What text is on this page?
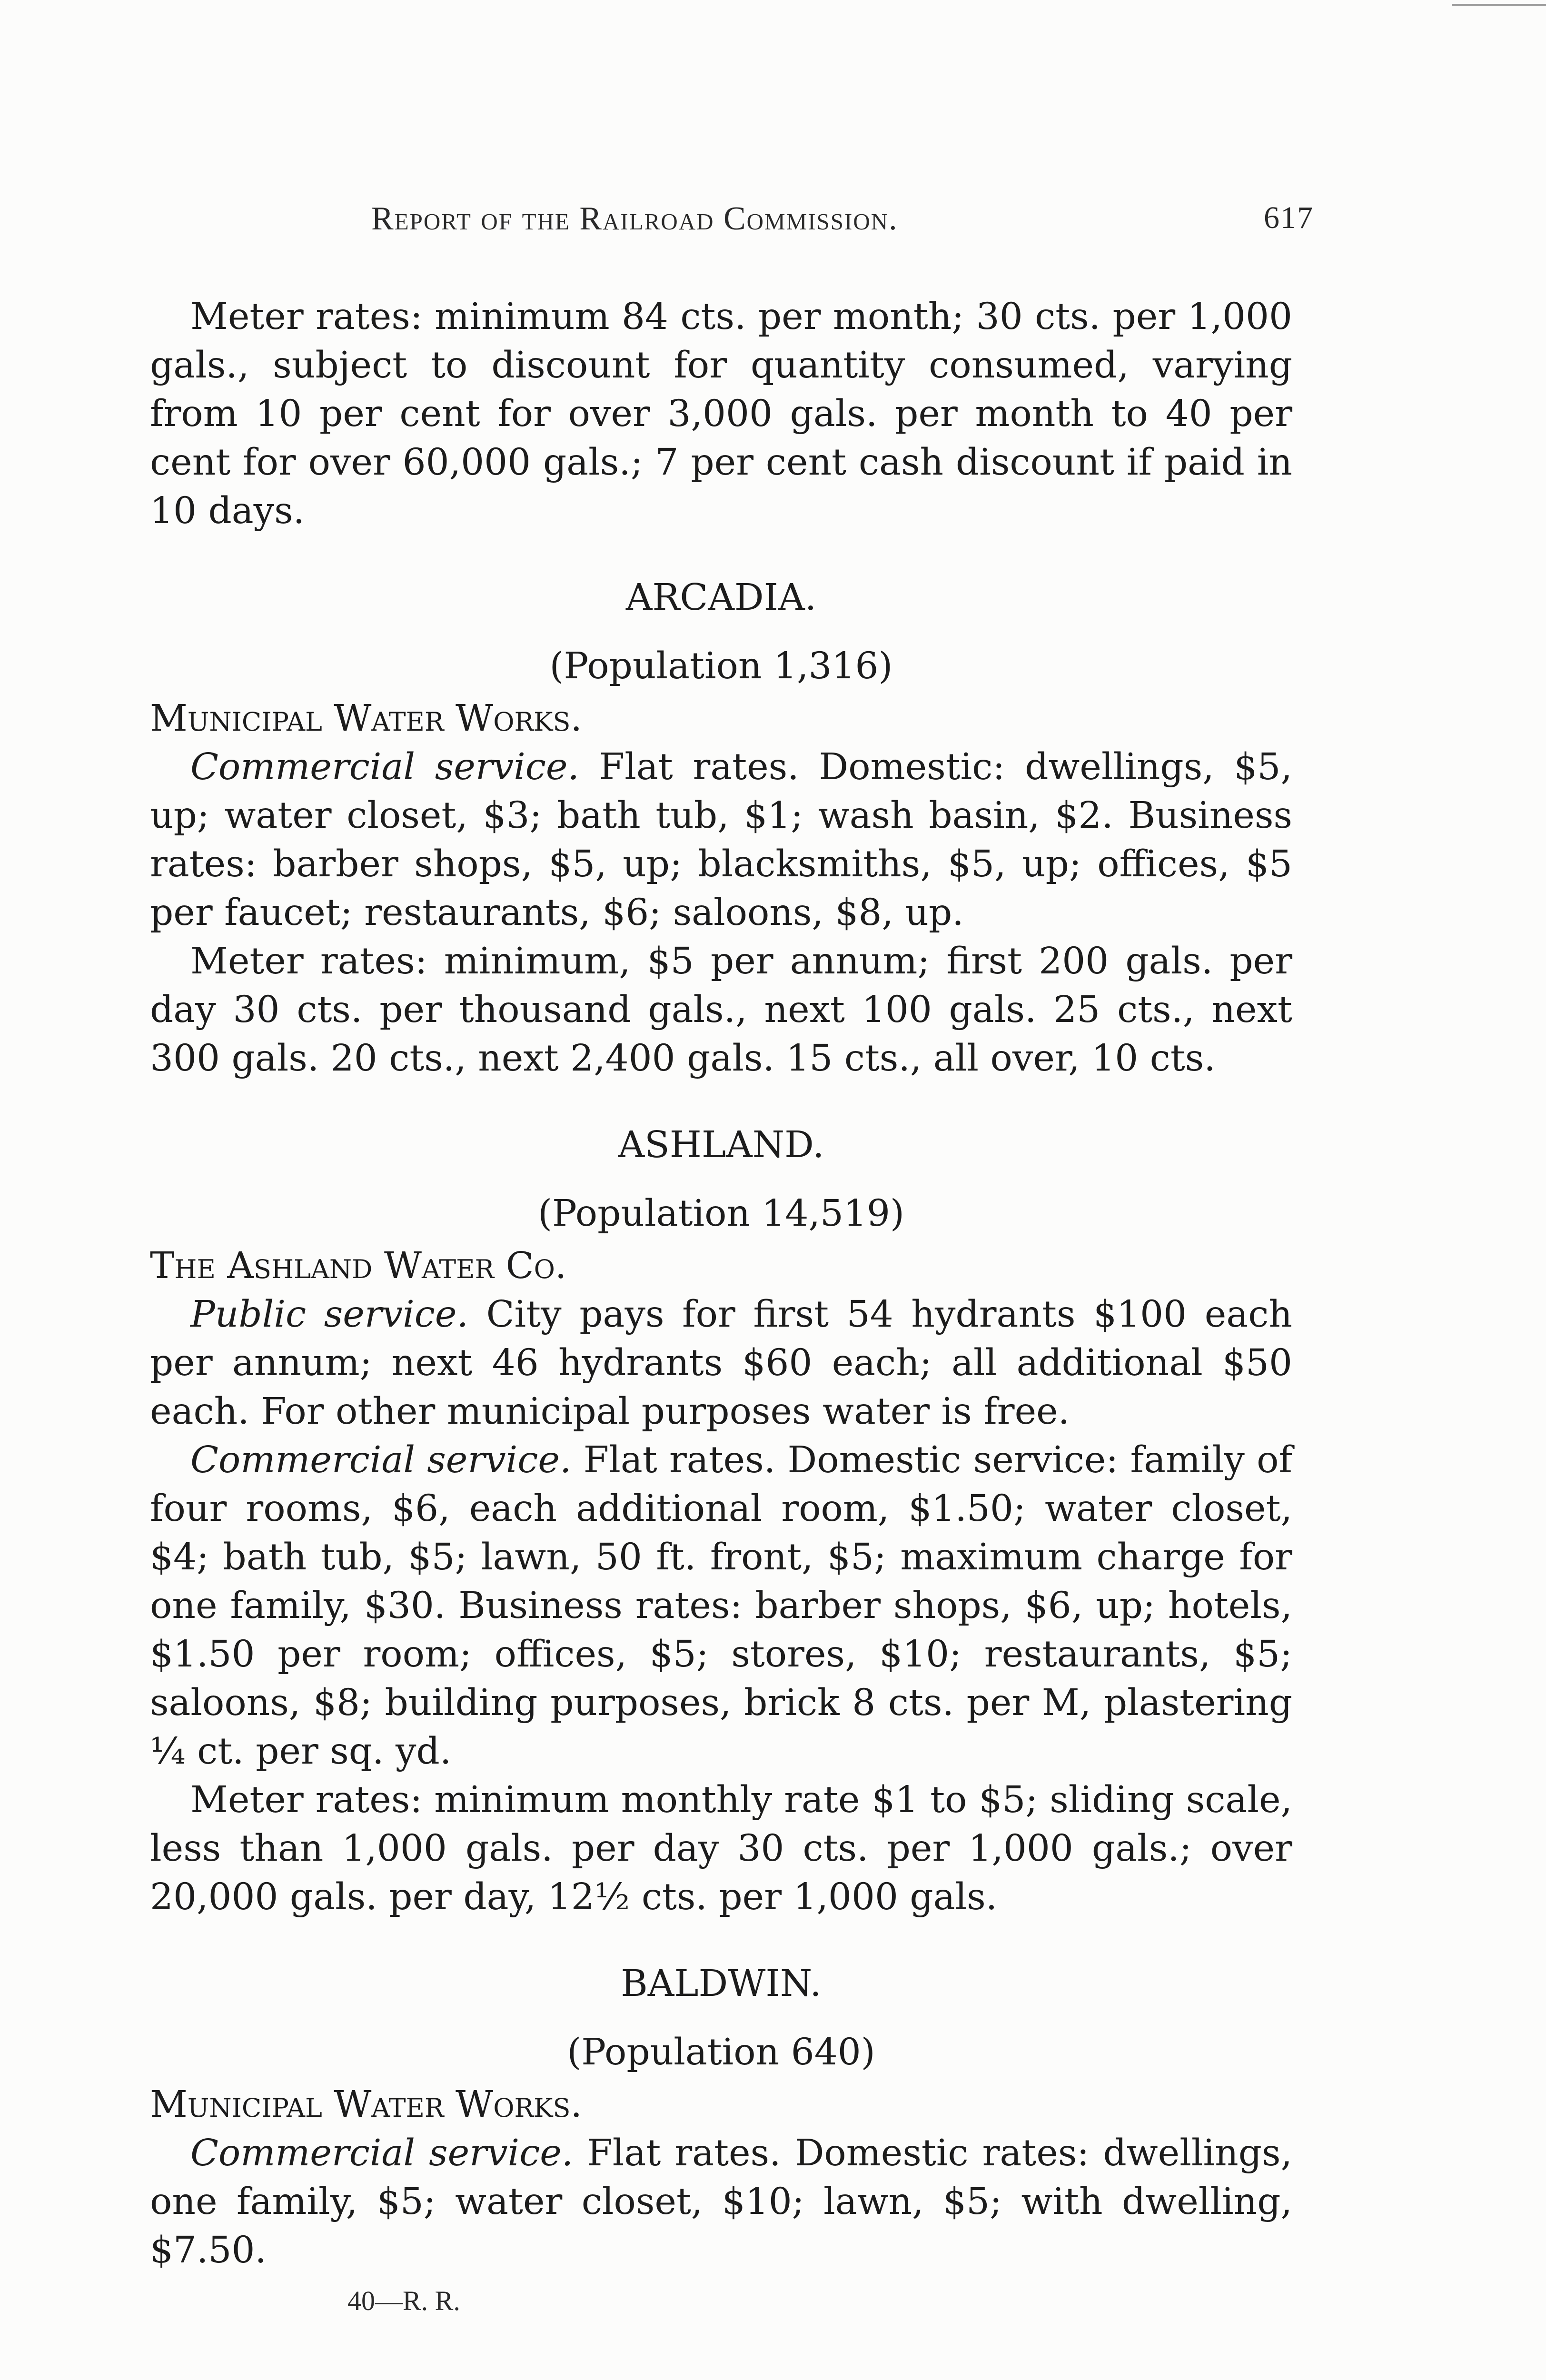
Report of the Railroad Commission.	617

Meter rates: minimum 84 cts. per month; 30 cts. per 1,000 gals., subject to discount for quantity consumed, varying from 10 per cent for over 3,000 gals. per month to 40 per cent for over 60,000 gals.; 7 per cent cash discount if paid in 10 days.

ARCADIA.

(Population 1,316)

Municipal Water Works.

Commercial service. Flat rates. Domestic: dwellings, $5, up; water closet, $3; bath tub, $1; wash basin, $2. Business rates: barber shops, $5, up; blacksmiths, $5, up; offices, $5 per faucet; restaurants, $6; saloons, $8, up.

Meter rates: minimum, $5 per annum; first 200 gals. per day 30 cts. per thousand gals., next 100 gals. 25 cts., next 300 gals. 20 cts., next 2,400 gals. 15 cts., all over, 10 cts.

ASHLAND.

(Population 14,519)

The Ashland Water Co.

Public service. City pays for first 54 hydrants $100 each per annum; next 46 hydrants $60 each; all additional $50 each. For other municipal purposes water is free.

Commercial service. Flat rates. Domestic service: family of four rooms, $6, each additional room, $1.50; water closet, $4; bath tub, $5; lawn, 50 ft. front, $5; maximum charge for one family, $30. Business rates: barber shops, $6, up; hotels, $1.50 per room; offices, $5; stores, $10; restaurants, $5; saloons, $8; building purposes, brick 8 cts. per M, plastering ¼ ct. per sq. yd.

Meter rates: minimum monthly rate $1 to $5; sliding scale, less than 1,000 gals. per day 30 cts. per 1,000 gals.; over 20,000 gals. per day, 12½ cts. per 1,000 gals.

BALDWIN.

(Population 640)

Municipal Water Works.

Commercial service. Flat rates. Domestic rates: dwellings, one family, $5; water closet, $10; lawn, $5; with dwelling, $7.50.

40—R. R.
